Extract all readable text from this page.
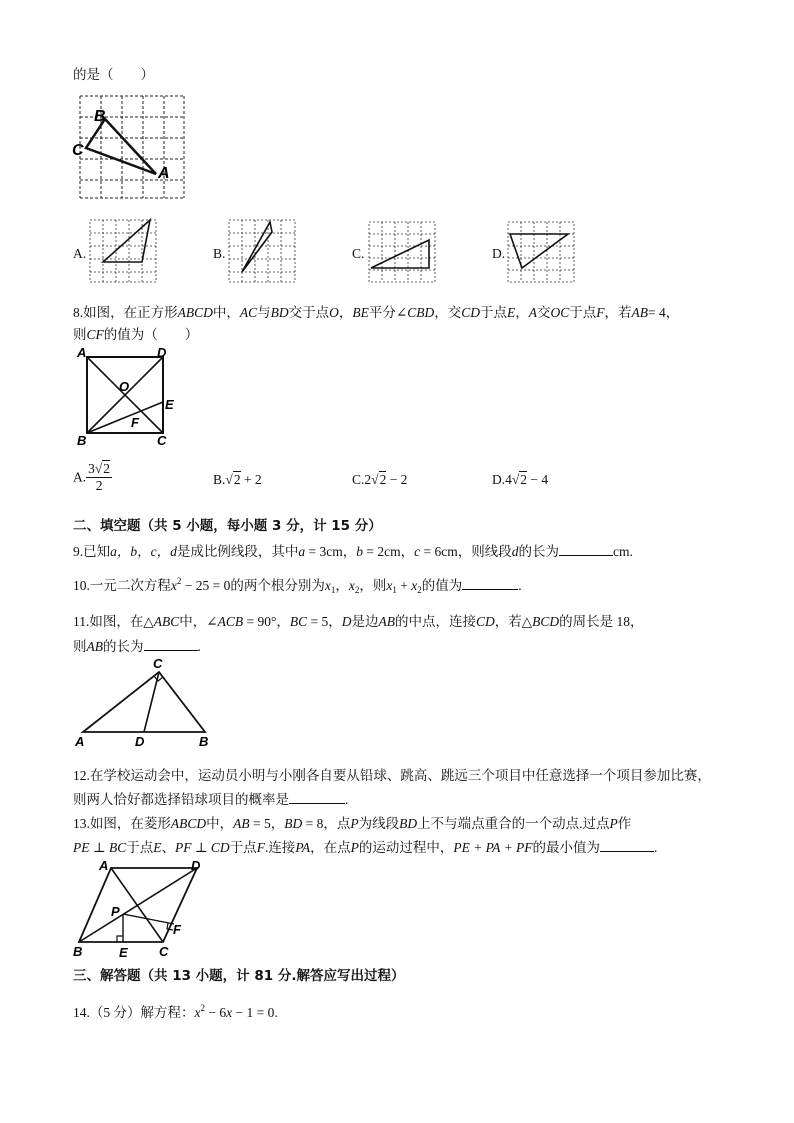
的是（　　）
B
C
A
A.	B.	C.	D.
8.如图，在正方形ABCD中，AC与BD交于点O，BE平分∠CBD，交CD于点E，A交OC于点F，若AB= 4，
则CF的值为（　　）
A	D
O
E
F
B	C
A. $\frac{3√2}{2}$	B.√2 + 2	C.2√2 − 2	D.4√2 − 4
二、填空题（共 5 小题，每小题 3 分，计 15 分）
9.已知a，b，c，d是成比例线段，其中a = 3cm，b = 2cm，c = 6cm，则线段d的长为	cm.
10.一元二次方程$x^2 - 25 = 0$的两个根分别为$x_1$，$x_2$，则$x_1 + x_2$的值为	.
11.如图，在△ABC中，∠ACB = 90°，BC = 5，D是边AB的中点，连接CD，若△BCD的周长是 18，
则AB的长为	.
C
A	D	B
12.在学校运动会中，运动员小明与小刚各自要从铅球、跳高、跳远三个项目中任意选择一个项目参加比赛，
则两人恰好都选择铅球项目的概率是	.
13.如图，在菱形ABCD中，AB = 5，BD = 8，点P为线段BD上不与端点重合的一个动点.过点P作
PE ⊥ BC于点E、PF ⊥ CD于点F.连接PA，在点P的运动过程中，PE + PA + PF的最小值为	.
A	D
P
F
B	E C
三、解答题（共 13 小题，计 81 分.解答应写出过程）
14.（5 分）解方程：$x^2 - 6x - 1 = 0$.
